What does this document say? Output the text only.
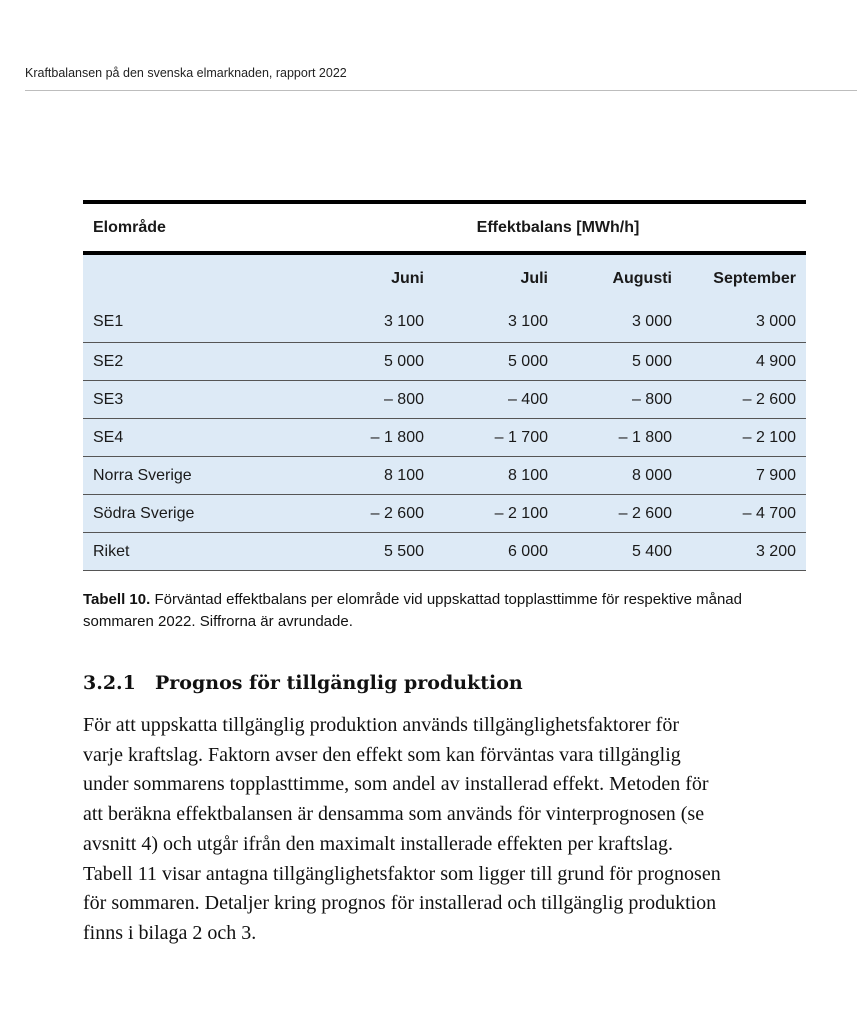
Kraftbalansen på den svenska elmarknaden, rapport 2022
Elområde	Effektbalans [MWh/h]			
	Juni	Juli	Augusti	September
SE1	3 100	3 100	3 000	3 000
SE2	5 000	5 000	5 000	4 900
SE3	– 800	– 400	– 800	– 2 600
SE4	– 1 800	– 1 700	– 1 800	– 2 100
Norra Sverige	8 100	8 100	8 000	7 900
Södra Sverige	– 2 600	– 2 100	– 2 600	– 4 700
Riket	5 500	6 000	5 400	3 200
Tabell 10. Förväntad effektbalans per elområde vid uppskattad topplasttimme för respektive månad sommaren 2022. Siffrorna är avrundade.
3.2.1 Prognos för tillgänglig produktion
För att uppskatta tillgänglig produktion används tillgänglighetsfaktorer för
varje kraftslag. Faktorn avser den effekt som kan förväntas vara tillgänglig
under sommarens topplasttimme, som andel av installerad effekt. Metoden för
att beräkna effektbalansen är densamma som används för vinterprognosen (se
avsnitt 4) och utgår ifrån den maximalt installerade effekten per kraftslag.
Tabell 11 visar antagna tillgänglighetsfaktor som ligger till grund för prognosen
för sommaren. Detaljer kring prognos för installerad och tillgänglig produktion
finns i bilaga 2 och 3.
